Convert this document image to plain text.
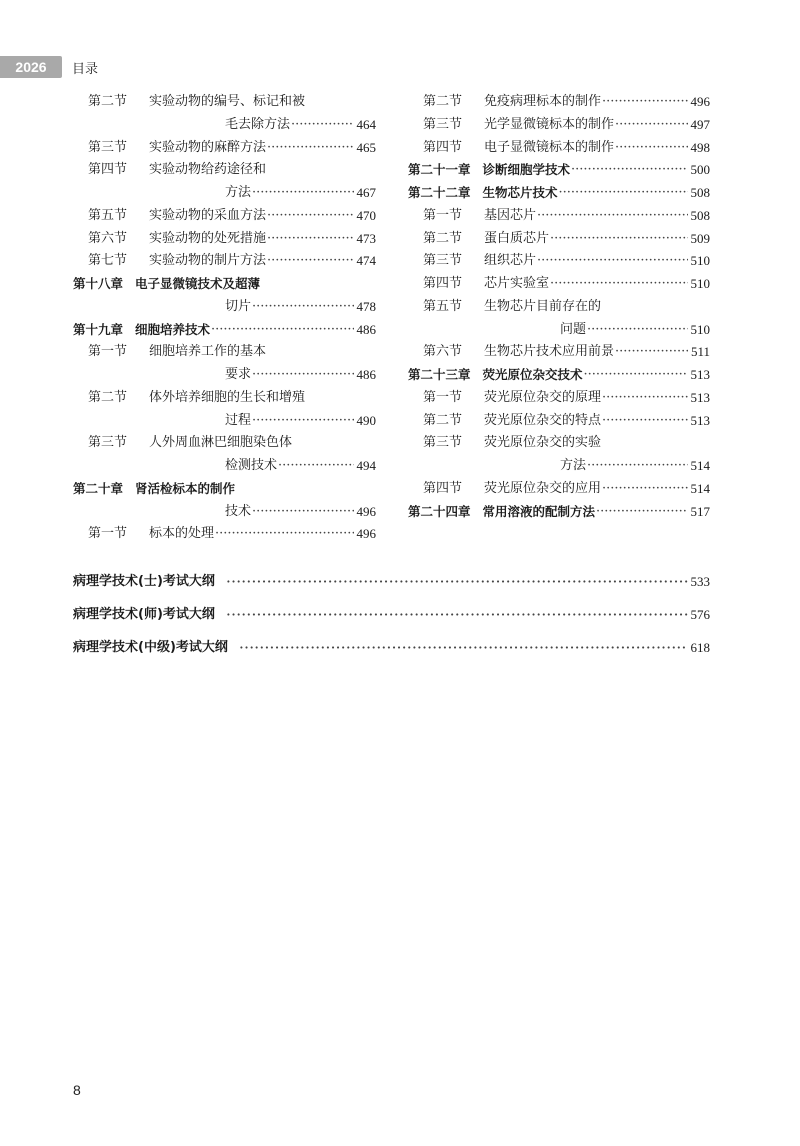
2026	目录
第二节	实验动物的编号、标记和被
毛去除方法 ·····	464
第三节	实验动物的麻醉方法 ·····	465
第四节	实验动物给药途径和
方法 ·····	467
第五节	实验动物的采血方法 ·····	470
第六节	实验动物的处死措施 ·····	473
第七节	实验动物的制片方法 ·····	474
第十八章 电子显微镜技术及超薄
切片 ·····	478
第十九章 细胞培养技术 ·····	486
第一节	细胞培养工作的基本
要求 ·····	486
第二节	体外培养细胞的生长和增殖
过程 ·····	490
第三节	人外周血淋巴细胞染色体
检测技术 ·····	494
第二十章 肾活检标本的制作
技术 ·····	496
第一节	标本的处理 ·····	496
第二节	免疫病理标本的制作 ·····	496
第三节	光学显微镜标本的制作 ·····	497
第四节	电子显微镜标本的制作 ·····	498
第二十一章 诊断细胞学技术 ·····	500
第二十二章 生物芯片技术 ·····	508
第一节	基因芯片 ·····	508
第二节	蛋白质芯片 ·····	509
第三节	组织芯片 ·····	510
第四节	芯片实验室 ·····	510
第五节	生物芯片目前存在的
问题 ·····	510
第六节	生物芯片技术应用前景 ·····	511
第二十三章 荧光原位杂交技术 ·····	513
第一节	荧光原位杂交的原理 ·····	513
第二节	荧光原位杂交的特点 ·····	513
第三节	荧光原位杂交的实验
方法 ·····	514
第四节	荧光原位杂交的应用 ·····	514
第二十四章 常用溶液的配制方法 ·····	517
病理学技术(士)考试大纲 ·····	533
病理学技术(师)考试大纲 ·····	576
病理学技术(中级)考试大纲 ·····	618
8
